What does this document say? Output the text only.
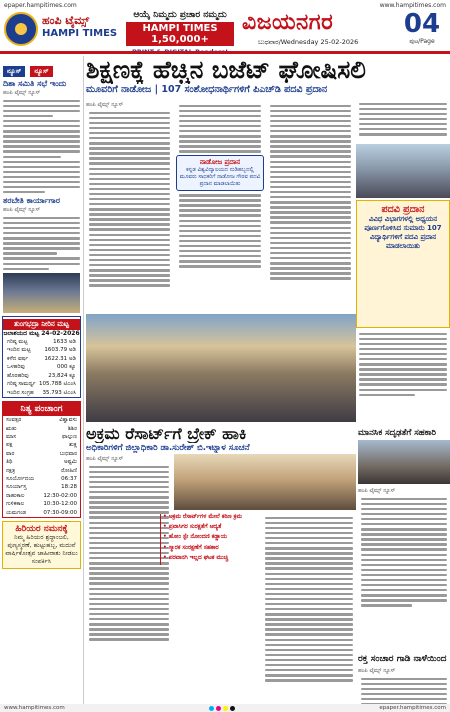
epaper.hampitimes.com	www.hampitimes.com
ಹಂಪಿ ಟೈಮ್ಸ್
HAMPI TIMES
ಆಯ್ಕೆ ನಿಮ್ಮದು ಪ್ರಚಾರ ನಮ್ಮದು
HAMPI TIMES 1,50,000+
ವಿಜಯನಗರ
ಬುಧವಾರ/Wednesday 25-02-2026
04
ಪುಟ/Page
ನ್ಯೂಸ್ ನ್ಯೂಸ್
ದಿಶಾ ಸಮಿತಿ ಸಭೆ ಇಂದು
ಹಂಪಿ ಟೈಮ್ಸ್ ನ್ಯೂಸ್
ತರಬೇತಿ ಕಾರ್ಯಾಗಾರ
ಹಂಪಿ ಟೈಮ್ಸ್ ನ್ಯೂಸ್
ತುಂಗಭದ್ರಾ ನೀರಿನ ಮಟ್ಟ
ಜಲಾಶಯದ ಮಟ್ಟ 24-02-2026
ಗರಿಷ್ಠ ಮಟ್ಟ	1633 ಅಡಿ
ಇಂದಿನ ಮಟ್ಟ	1603.79 ಅಡಿ
ಕಳೆದ ವರ್ಷ	1622.31 ಅಡಿ
ಒಳಹರಿವು	000 ಕ್ಯೂ
ಹೊರಹರಿವು	23,824 ಕ್ಯೂ
ಗರಿಷ್ಠ ಸಾಮರ್ಥ್ಯ 105.788 ಟಿಎಂಸಿ
ಇಂದಿನ ಸಂಗ್ರಹ 35.793 ಟಿಎಂಸಿ
ನಿತ್ಯ ಪಂಚಾಂಗ
ಸಂವತ್ಸರ	ವಿಶ್ವಾವಸು
ಋತು	ಶಿಶಿರ
ಮಾಸ	ಫಾಲ್ಗುಣ
ಪಕ್ಷ	ಶುಕ್ಲ
ವಾರ	ಬುಧವಾರ
ತಿಥಿ	ಅಷ್ಟಮಿ
ನಕ್ಷತ್ರ	ರೋಹಿಣಿ
ಸೂರ್ಯೋದಯ	06:37
ಸೂರ್ಯಾಸ್ತ	18:28
ರಾಹುಕಾಲ	12:30-02:00
ಗುಳಿಕಕಾಲ	10:30-12:00
ಯಮಗಂಡ	07:30-09:00
ಹಿರಿಯರ ನಮನಕ್ಕೆ
ನಿಮ್ಮ ಹಿರಿಯರ ಶ್ರದ್ಧಾಂಜಲಿ, ಪುಣ್ಯಸ್ಮರಣೆ, ಹುಟ್ಟುಹಬ್ಬ, ಮದುವೆ ವಾರ್ಷಿಕೋತ್ಸವ ಜಾಹೀರಾತು ನೀಡಲು ಸಂಪರ್ಕಿಸಿ
ಶಿಕ್ಷಣಕ್ಕೆ ಹೆಚ್ಚಿನ ಬಜೆಟ್ ಘೋಷಿಸಲಿ
ಮೂವರಿಗೆ ನಾಡೋಜ | 107 ಸಂಶೋಧನಾರ್ಥಿಗಳಿಗೆ ಪಿಎಚ್‌ಡಿ ಪದವಿ ಪ್ರದಾನ
ಹಂಪಿ ಟೈಮ್ಸ್ ನ್ಯೂಸ್
ನಾಡೋಜ ಪ್ರದಾನ
ಕನ್ನಡ ವಿಶ್ವವಿದ್ಯಾಲಯದ ನುಡಿಹಬ್ಬದಲ್ಲಿ ಮೂವರು ಸಾಧಕರಿಗೆ ನಾಡೋಜ ಗೌರವ ಪದವಿ ಪ್ರದಾನ ಮಾಡಲಾಯಿತು
ಪದವಿ ಪ್ರದಾನ
ವಿವಿಧ ವಿಭಾಗಗಳಲ್ಲಿ ಅಧ್ಯಯನ ಪೂರ್ಣಗೊಳಿಸಿದ ಸುಮಾರು 107 ವಿದ್ಯಾರ್ಥಿಗಳಿಗೆ ಪದವಿ ಪ್ರದಾನ ಮಾಡಲಾಯಿತು
ಅಕ್ರಮ ರೆಸಾರ್ಟ್‌ಗೆ ಬ್ರೇಕ್ ಹಾಕಿ
ಅಧಿಕಾರಿಗಳಿಗೆ ಜಿಲ್ಲಾಧಿಕಾರಿ ಡಾ.ಸುರೇಶ್ ಬಿ.ಇಟ್ನಾಳ ಸೂಚನೆ
ಹಂಪಿ ಟೈಮ್ಸ್ ನ್ಯೂಸ್
• ಅಕ್ರಮ ರೆಸಾರ್ಟ್‌ಗಳ ಮೇಲೆ ಕಠಿಣ ಕ್ರಮ
• ಪ್ರವಾಸಿಗರ ಸುರಕ್ಷತೆಗೆ ಆದ್ಯತೆ
• ಹೋಂ ಸ್ಟೇ ನೋಂದಣಿ ಕಡ್ಡಾಯ
• ಸ್ಮಾರಕ ಸಂರಕ್ಷಣೆಗೆ ಸಹಕಾರ
• ಪರವಾನಗಿ ಇಲ್ಲದ ಘಟಕ ಮುಚ್ಚಿ
ಮಾನಸಿಕ ಸದೃಢತೆಗೆ ಸಹಕಾರಿ
ಹಂಪಿ ಟೈಮ್ಸ್ ನ್ಯೂಸ್
ರಕ್ತ ಸಂಚಾರ ಗಾಡಿ ನಾಳೆಯಿಂದ
ಹಂಪಿ ಟೈಮ್ಸ್ ನ್ಯೂಸ್
www.hampitimes.com	epaper.hampitimes.com
